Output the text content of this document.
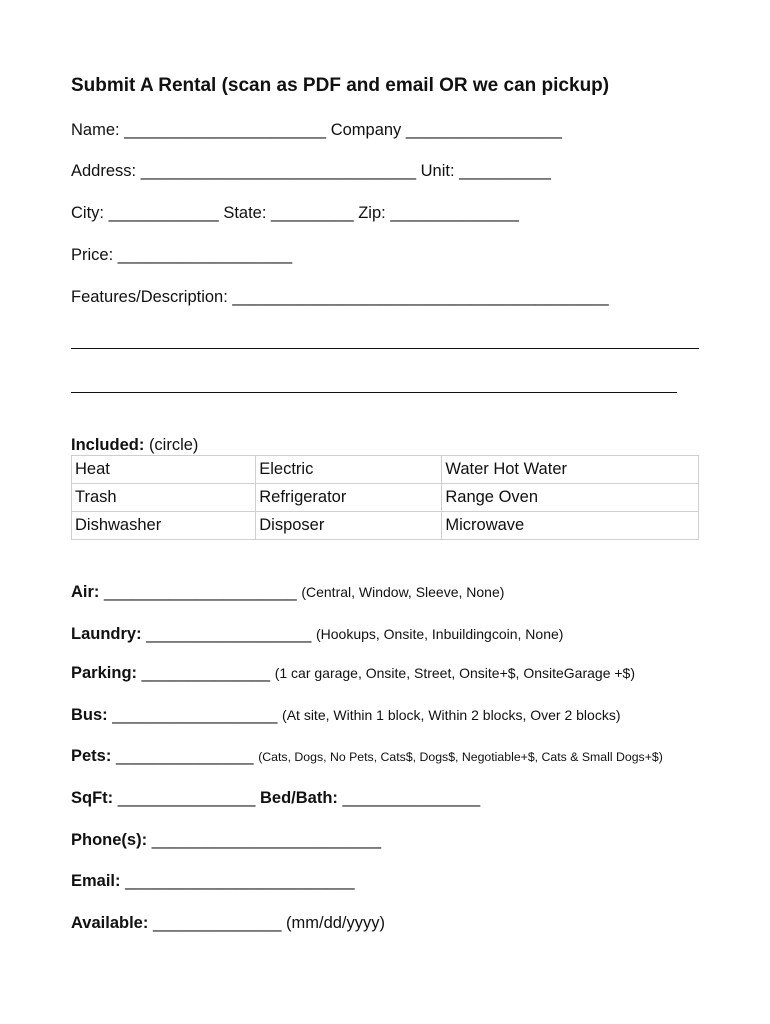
Submit A Rental (scan as PDF and email OR we can pickup)
Name: ______________________ Company _________________
Address: ______________________________ Unit: __________
City: ____________ State: _________ Zip: ______________
Price: ___________________
Features/Description: _________________________________________
Included: (circle)
Heat	Electric	Water Hot Water
Trash	Refrigerator	Range Oven
Dishwasher	Disposer	Microwave
Air: _____________________ (Central, Window, Sleeve, None)
Laundry: __________________ (Hookups, Onsite, Inbuildingcoin, None)
Parking: ______________ (1 car garage, Onsite, Street, Onsite+$, OnsiteGarage +$)
Bus: __________________ (At site, Within 1 block, Within 2 blocks, Over 2 blocks)
Pets: _______________ (Cats, Dogs, No Pets, Cats$, Dogs$, Negotiable+$, Cats & Small Dogs+$)
SqFt: _______________ Bed/Bath: _______________
Phone(s): _________________________
Email: _________________________
Available: ______________ (mm/dd/yyyy)
